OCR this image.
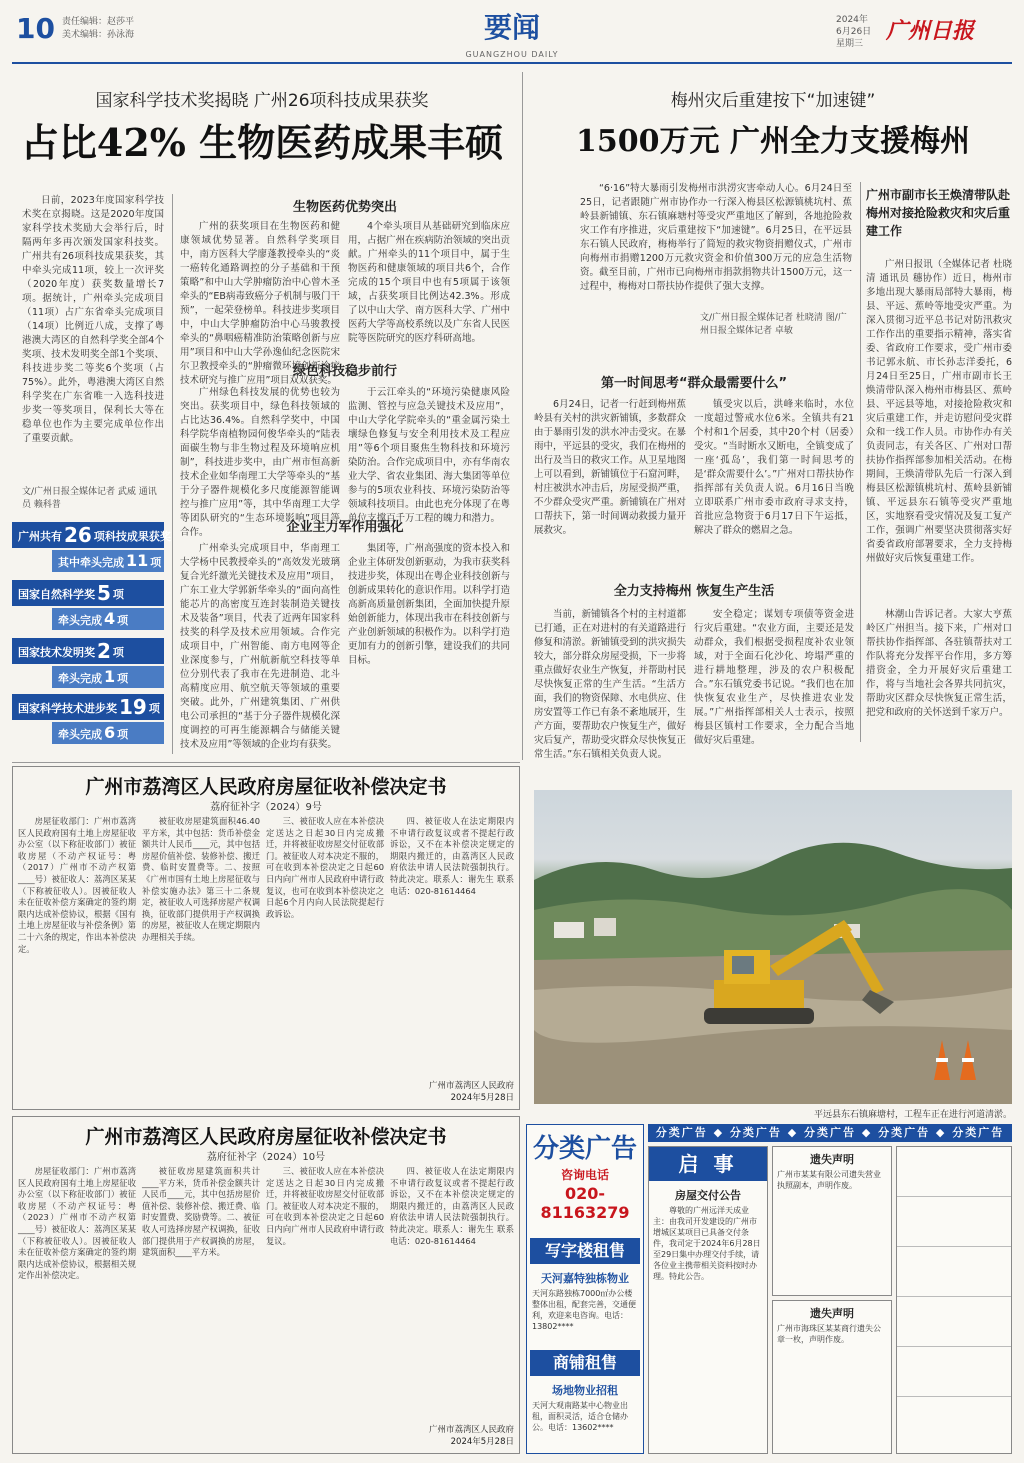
10 责任编辑：赵莎平
美术编辑：孙泳海	要闻
GUANGZHOU DAILY
2024年
6月26日
星期三	广州日报
国家科学技术奖揭晓 广州26项科技成果获奖
占比42% 生物医药成果丰硕
日前，2023年度国家科学技术奖在京揭晓。这是2020年度国家科学技术奖励大会举行后，时隔两年多再次颁发国家科技奖。广州共有26项科技成果获奖，其中牵头完成11项，较上一次评奖（2020年度）获奖数量增长7项。据统计，广州牵头完成项目（11项）占广东省牵头完成项目（14项）比例近八成，支撑了粤港澳大湾区的自然科学奖全部4个奖项、技术发明奖全部1个奖项、科技进步奖二等奖6个奖项（占75%）。此外，粤港澳大湾区自然科学奖在广东省唯一入选科技进步奖一等奖项目，保利长大等在稳单位也作为主要完成单位作出了重要贡献。
文/广州日报全媒体记者 武威 通讯员 赖科普
广州共有 26 项科技成果获奖
其中牵头完成 11 项
国家自然科学奖 5 项
牵头完成 4 项
国家技术发明奖 2 项
牵头完成 1 项
国家科学技术进步奖 19 项
牵头完成 6 项
生物医药优势突出
广州的获奖项目在生物医药和健康领域优势显著。自然科学奖项目中，南方医科大学廖蓬教授牵头的“炎一癌转化通路调控的分子基础和干预策略”和中山大学肿瘤防治中心曾木圣牵头的“EB病毒致癌分子机制与吸门干预”，一起荣登榜单。科技进步奖项目中，中山大学肿瘤防治中心马骏教授牵头的“鼻咽癌精准防治策略创新与应用”项目和中山大学孙逸仙纪念医院宋尔卫教授牵头的“肿瘤微环境创新诊疗技术研究与推广应用”项目双双获奖。
4个牵头项目从基础研究到临床应用，占据广州在疾病防治领域的突出贡献。广州牵头的11个项目中，属于生物医药和健康领域的项目共6个，合作完成的15个项目中也有5项属于该领域，占获奖项目比例达42.3%。形成了以中山大学、南方医科大学、广州中医药大学等高校系统以及广东省人民医院等医院研究的医疗科研高地。
绿色科技稳步前行
广州绿色科技发展的优势也较为突出。获奖项目中，绿色科技领域的占比达36.4%。自然科学奖中，中国科学院华南植物园何俊华牵头的“陆表面碳生物与非生物过程及环境响应机制”，科技进步奖中，由广州市恒高新技术企业如华南理工大学等牵头的“基于分子器件规模化多尺度能源智能调控与推广应用”等，其中华南理工大学等团队研究的“生态环境影响”项目等合作。
于云江牵头的“环境污染健康风险监测、管控与应急关键技术及应用”，中山大学化学院牵头的“重金属污染土壤绿色修复与安全利用技术及工程应用”等6个项目聚焦生物科技和环境污染防治。合作完成项目中，亦有华南农业大学、省农业集团、海大集团等单位参与的5项农业科技、环境污染防治等领域科技项目。由此也充分体现了在粤单位支撑百千万工程的魄力和潜力。
企业主力军作用强化
广州牵头完成项目中，华南理工大学杨中民教授牵头的“高效发光玻璃复合光纤激光关键技术及应用”项目，广东工业大学郭新华牵头的“面向高性能芯片的高密度互连封装制造关键技术及装备”项目，代表了近两年国家科技奖的科学及技术应用领域。合作完成项目中，广州智能、南方电网等企业深度参与，广州航新航空科技等单位分别代表了我市在先进制造、北斗高精度应用、航空航天等领域的重要突破。此外，广州建筑集团、广州供电公司承担的“基于分子器件规模化深度调控的可再生能源耦合与储能关键技术及应用”等领域的企业均有获奖。
集团等，广州高强度的资本投入和企业主体研发创新驱动，为我市获奖科技进步奖，体现出在粤企业科技创新与创新成果转化的意识作用。以科学打造高新高质量创新集团，全面加快提升原始创新能力，体现出我市在科技创新与产业创新领域的积极作为。以科学打造更加有力的创新引擎，建设我们的共同目标。
梅州灾后重建按下“加速键”
1500万元 广州全力支援梅州
“6·16”特大暴雨引发梅州市洪涝灾害牵动人心。6月24日至25日，记者跟随广州市协作办一行深入梅县区松源镇桃坑村、蕉岭县新铺镇、东石镇麻塘村等受灾严重地区了解到，各地抢险救灾工作有序推进，灾后重建按下“加速键”。6月25日，在平远县东石镇人民政府，梅梅举行了简短的救灾物资捐赠仪式，广州市向梅州市捐赠1200万元救灾资金和价值300万元的应急生活物资。截至目前，广州市已向梅州市捐款捐物共计1500万元，这一过程中，梅梅对口帮扶协作提供了强大支撑。
文/广州日报全媒体记者 杜晓清 图/广州日报全媒体记者 卓敏
广州市副市长王焕清带队赴梅州对接抢险救灾和灾后重建工作
广州日报讯（全媒体记者 杜晓清 通讯员 穗协作）近日，梅州市多地出现大暴雨局部特大暴雨，梅县、平远、蕉岭等地受灾严重。为深入贯彻习近平总书记对防汛救灾工作作出的重要指示精神，落实省委、省政府工作要求，受广州市委书记郭永航、市长孙志洋委托，6月24日至25日，广州市副市长王焕清带队深入梅州市梅县区、蕉岭县、平远县等地，对接抢险救灾和灾后重建工作，并走访慰问受灾群众和一线工作人员。市协作办有关负责同志，有关各区、广州对口帮扶协作指挥部参加相关活动。在梅期间，王焕清带队先后一行深入到梅县区松源镇桃坑村、蕉岭县新铺镇、平远县东石镇等受灾严重地区，实地察看受灾情况及复工复产工作，强调广州要坚决贯彻落实好省委省政府部署要求，全力支持梅州做好灾后恢复重建工作。
第一时间思考“群众最需要什么”
6月24日，记者一行赶到梅州蕉岭县有关村的洪灾新铺镇，多数群众由于暴雨引发的洪水冲击受灾。在暴雨中，平远县的受灾，我们在梅州的出行及当日的救灾工作。从卫星地图上可以看到，新铺镇位于石窟河畔，村庄被洪水冲击后，房屋受损严重，不少群众受灾严重。新铺镇在广州对口帮扶下，第一时间调动救援力量开展救灾。
镇受灾以后，洪峰来临时，水位一度超过警戒水位6米。全镇共有21个村和1个居委，其中20个村（居委）受灾。“当时断水又断电，全镇变成了一座‘孤岛’，我们第一时间思考的是‘群众需要什么’。”广州对口帮扶协作指挥部有关负责人说。6月16日当晚立即联系广州市委市政府寻求支持，首批应急物资于6月17日下午运抵，解决了群众的燃眉之急。
全力支持梅州 恢复生产生活
当前，新铺镇各个村的主村道都已打通，正在对进村的有关道路进行修复和清淤。新铺镇受到的洪灾损失较大，部分群众房屋受损，下一步将重点做好农业生产恢复，并帮助村民尽快恢复正常的生产生活。“生活方面，我们的物资保障、水电供应、住房安置等工作已有条不紊地展开，生产方面，要帮助农户恢复生产，做好灾后复产，帮助受灾群众尽快恢复正常生活。”东石镇相关负责人说。
安全稳定；谋划专项债等资金进行灾后重建。“农业方面，主要还是发动群众，我们根据受损程度补农业领域，对于全面石化沙化、垮塌严重的进行耕地整理，涉及的农户积极配合。”东石镇党委书记说。“我们也在加快恢复农业生产，尽快推进农业发展。”广州指挥部相关人士表示，按照梅县区镇村工作要求，全力配合当地做好灾后重建。
林潮山告诉记者。大家大亨蕉岭区广州担当。接下来，广州对口帮扶协作指挥部、各驻镇帮扶对工作队将充分发挥平台作用，多方筹措资金，全力开展好灾后重建工作，将与当地社会各界共同抗灾，帮助灾区群众尽快恢复正常生活，把党和政府的关怀送到千家万户。
平远县东石镇麻塘村，工程车正在进行河道清淤。
广州市荔湾区人民政府房屋征收补偿决定书
荔府征补字（2024）9号
房屋征收部门：广州市荔湾区人民政府国有土地上房屋征收办公室（以下称征收部门）被征收房屋（不动产权证号：粤（2017）广州市不动产权第____号）被征收人：荔湾区某某（下称被征收人）。因被征收人未在征收补偿方案确定的签约期限内达成补偿协议，根据《国有土地上房屋征收与补偿条例》第二十六条的规定，作出本补偿决定。
被征收房屋建筑面积46.40平方米，其中包括：货币补偿金额共计人民币____元，其中包括房屋价值补偿、装修补偿、搬迁费、临时安置费等。二、按照《广州市国有土地上房屋征收与补偿实施办法》第三十二条规定，被征收人可选择房屋产权调换，征收部门提供用于产权调换的房屋，被征收人在规定期限内办理相关手续。
三、被征收人应在本补偿决定送达之日起30日内完成搬迁，并将被征收房屋交付征收部门。被征收人对本决定不服的，可在收到本补偿决定之日起60日内向广州市人民政府申请行政复议，也可在收到本补偿决定之日起6个月内向人民法院提起行政诉讼。
四、被征收人在法定期限内不申请行政复议或者不提起行政诉讼，又不在本补偿决定规定的期限内搬迁的，由荔湾区人民政府依法申请人民法院强制执行。特此决定。联系人：谢先生 联系电话：020-81614464
广州市荔湾区人民政府
2024年5月28日
广州市荔湾区人民政府房屋征收补偿决定书
荔府征补字（2024）10号
房屋征收部门：广州市荔湾区人民政府国有土地上房屋征收办公室（以下称征收部门）被征收房屋（不动产权证号：粤（2023）广州市不动产权第____号）被征收人：荔湾区某某（下称被征收人）。因被征收人未在征收补偿方案确定的签约期限内达成补偿协议，根据相关规定作出补偿决定。
被征收房屋建筑面积共计____平方米，货币补偿金额共计人民币____元，其中包括房屋价值补偿、装修补偿、搬迁费、临时安置费、奖励费等。二、被征收人可选择房屋产权调换，征收部门提供用于产权调换的房屋，建筑面积____平方米。
三、被征收人应在本补偿决定送达之日起30日内完成搬迁，并将被征收房屋交付征收部门。被征收人对本决定不服的，可在收到本补偿决定之日起60日内向广州市人民政府申请行政复议。
四、被征收人在法定期限内不申请行政复议或者不提起行政诉讼，又不在本补偿决定规定的期限内搬迁的，由荔湾区人民政府依法申请人民法院强制执行。特此决定。联系人：谢先生 联系电话：020-81614464
广州市荔湾区人民政府
2024年5月28日
分类广告 ◆ 分类广告 ◆ 分类广告 ◆ 分类广告 ◆ 分类广告
分类广告
咨询电话
020-81163279
写字楼租售
天河嘉特独栋物业
天河东路独栋7000㎡办公楼整体出租，配套完善，交通便利，欢迎来电咨询。电话：13802****
商铺租售
场地物业招租
天河大观南路某中心物业出租，面积灵活，适合仓储办公。电话：13602****
启 事
房屋交付公告
尊敬的广州远洋天成业主：由我司开发建设的广州市增城区某项目已具备交付条件，我司定于2024年6月28日至29日集中办理交付手续，请各位业主携带相关资料按时办理。特此公告。
遗失声明
广州市某某有限公司遗失营业执照副本，声明作废。
遗失声明
广州市海珠区某某商行遗失公章一枚，声明作废。
